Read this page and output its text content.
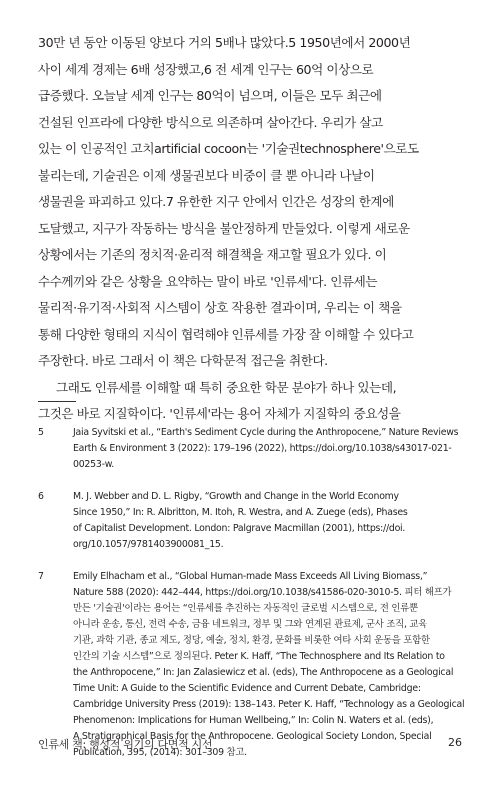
30만 년 동안 이동된 양보다 거의 5배나 많았다.5 1950년에서 2000년
사이 세계 경제는 6배 성장했고,6 전 세계 인구는 60억 이상으로
급증했다. 오늘날 세계 인구는 80억이 넘으며, 이들은 모두 최근에
건설된 인프라에 다양한 방식으로 의존하며 살아간다. 우리가 살고
있는 이 인공적인 고치artificial cocoon는 '기술권technosphere'으로도
불리는데, 기술권은 이제 생물권보다 비중이 클 뿐 아니라 나날이
생물권을 파괴하고 있다.7 유한한 지구 안에서 인간은 성장의 한계에
도달했고, 지구가 작동하는 방식을 불안정하게 만들었다. 이렇게 새로운
상황에서는 기존의 정치적·윤리적 해결책을 재고할 필요가 있다. 이
수수께끼와 같은 상황을 요약하는 말이 바로 '인류세'다. 인류세는
물리적·유기적·사회적 시스템이 상호 작용한 결과이며, 우리는 이 책을
통해 다양한 형태의 지식이 협력해야 인류세를 가장 잘 이해할 수 있다고
주장한다. 바로 그래서 이 책은 다학문적 접근을 취한다.
그래도 인류세를 이해할 때 특히 중요한 학문 분야가 하나 있는데,
그것은 바로 지질학이다. '인류세'라는 용어 자체가 지질학의 중요성을
5	Jaia Syvitski et al., “Earth's Sediment Cycle during the Anthropocene,” Nature Reviews
Earth & Environment 3 (2022): 179–196 (2022), https://doi.org/10.1038/s43017-021-
00253-w.
6	M. J. Webber and D. L. Rigby, “Growth and Change in the World Economy
Since 1950,” In: R. Albritton, M. Itoh, R. Westra, and A. Zuege (eds), Phases
of Capitalist Development. London: Palgrave Macmillan (2001), https://doi.
org/10.1057/9781403900081_15.
7	Emily Elhacham et al., “Global Human-made Mass Exceeds All Living Biomass,”
Nature 588 (2020): 442–444, https://doi.org/10.1038/s41586-020-3010-5. 피터 해프가
만든 '기술권'이라는 용어는 “인류세를 추진하는 자동적인 글로벌 시스템으로, 전 인류뿐
아니라 운송, 통신, 전력 수송, 금융 네트워크, 정부 및 그와 연계된 관료제, 군사 조직, 교육
기관, 과학 기관, 종교 제도, 정당, 예술, 정치, 환경, 문화를 비롯한 여타 사회 운동을 포함한
인간의 기술 시스템”으로 정의된다. Peter K. Haff, “The Technosphere and Its Relation to
the Anthropocene,” In: Jan Zalasiewicz et al. (eds), The Anthropocene as a Geological
Time Unit: A Guide to the Scientific Evidence and Current Debate, Cambridge:
Cambridge University Press (2019): 138–143. Peter K. Haff, “Technology as a Geological
Phenomenon: Implications for Human Wellbeing,” In: Colin N. Waters et al. (eds),
A Stratigraphical Basis for the Anthropocene. Geological Society London, Special
Publication, 395, (2014): 301–309 참고.
인류세 책: 행성적 위기의 다면적 시선	26
